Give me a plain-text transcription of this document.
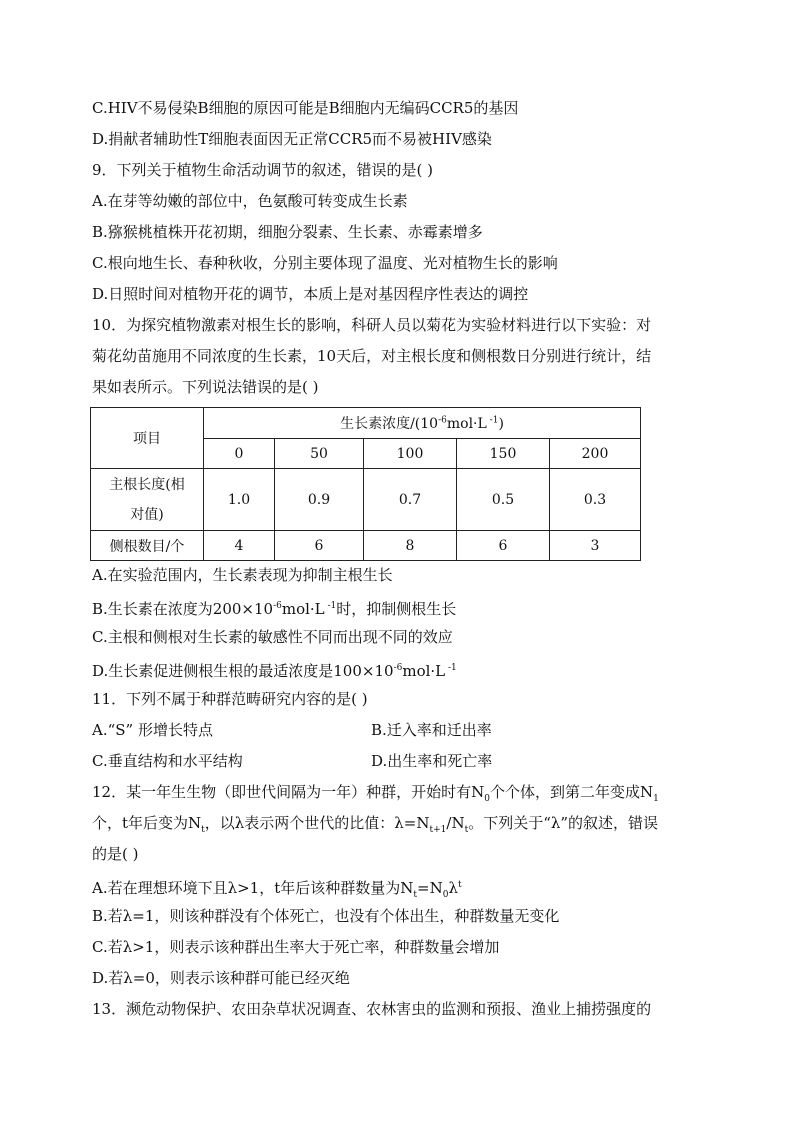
C.HIV不易侵染B细胞的原因可能是B细胞内无编码CCR5的基因
D.捐献者辅助性T细胞表面因无正常CCR5而不易被HIV感染
9．下列关于植物生命活动调节的叙述，错误的是( )
A.在芽等幼嫩的部位中，色氨酸可转变成生长素
B.猕猴桃植株开花初期，细胞分裂素、生长素、赤霉素增多
C.根向地生长、春种秋收，分别主要体现了温度、光对植物生长的影响
D.日照时间对植物开花的调节，本质上是对基因程序性表达的调控
10．为探究植物激素对根生长的影响，科研人员以菊花为实验材料进行以下实验：对
菊花幼苗施用不同浓度的生长素，10天后，对主根长度和侧根数日分别进行统计，结
果如表所示。下列说法错误的是( )
项目	生长素浓度$/(10^{-6}mol\cdot L$ $^{-1}$)				
	0	50	100	150	200
主根长度(相
对值)	1.0	0.9	0.7	0.5	0.3
侧根数目/个	4	6	8	6	3
A.在实验范围内，生长素表现为抑制主根生长
B.生长素在浓度为$200\times 10^{-6}mol\cdot L$ $^{-1}$时，抑制侧根生长
C.主根和侧根对生长素的敏感性不同而出现不同的效应
D.生长素促进侧根生根的最适浓度是$100\times 10^{-6}mol\cdot L$ $^{-1}$
11．下列不属于种群范畴研究内容的是( )
A.“S” 形增长特点	B.迁入率和迁出率
C.垂直结构和水平结构	D.出生率和死亡率
12．某一年生生物（即世代间隔为一年）种群，开始时有$N_0$个个体，到第二年变成$N_1$
个，t年后变为$N_t$，以λ表示两个世代的比值：$\lambda=N_{t+1}/N_t$。下列关于“λ”的叙述，错误
的是( )
A.若在理想环境下且λ>1，t年后该种群数量为$N_t=N_0\lambda^t$
B.若λ=1，则该种群没有个体死亡，也没有个体出生，种群数量无变化
C.若λ>1，则表示该种群出生率大于死亡率，种群数量会增加
D.若λ=0，则表示该种群可能已经灭绝
13．濒危动物保护、农田杂草状况调查、农林害虫的监测和预报、渔业上捕捞强度的
